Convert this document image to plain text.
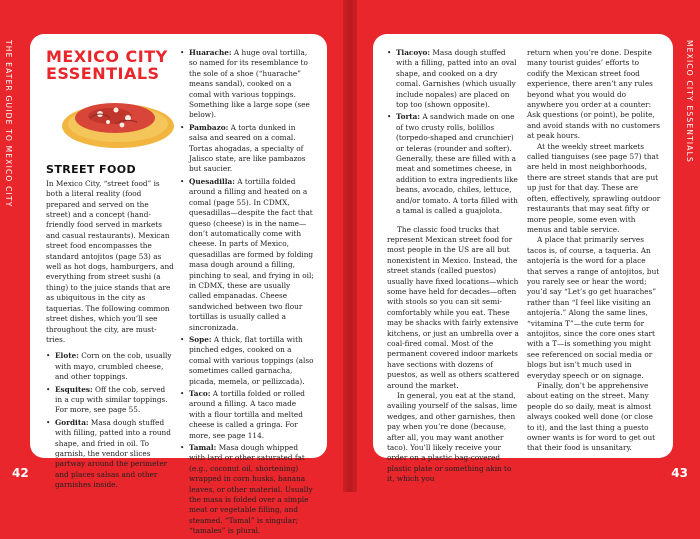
THE EATER GUIDE TO MEXICO CITY MEXICO CITY
ESSENTIALS
STREET FOOD

In Mexico City, “street food” is both a literal reality (food prepared and served on the street) and a concept (hand-friendly food served in markets and casual restaurants). Mexican street food encompasses the standard antojitos (page 53) as well as hot dogs, hamburgers, and everything from street sushi (a thing) to the juice stands that are as ubiquitous in the city as taquerias. The following common street dishes, which you’ll see throughout the city, are must-tries.

• Elote: Corn on the cob, usually with mayo, crumbled cheese, and other toppings.
• Esquites: Off the cob, served in a cup with similar toppings. For more, see page 55.
• Gordita: Masa dough stuffed with filling, patted into a round shape, and fried in oil. To garnish, the vendor slices partway around the perimeter and places salsas and other garnishes inside.
• Huarache: A huge oval tortilla, so named for its resemblance to the sole of a shoe (“huarache” means sandal), cooked on a comal with various toppings. Something like a large sope (see below).
• Pambazo: A torta dunked in salsa and seared on a comal. Tortas ahogadas, a specialty of Jalisco state, are like pambazos but saucier.
• Quesadilla: A tortilla folded around a filling and heated on a comal (page 55). In CDMX, quesadillas—despite the fact that queso (cheese) is in the name—don’t automatically come with cheese. In parts of Mexico, quesadillas are formed by folding masa dough around a filling, pinching to seal, and frying in oil; in CDMX, these are usually called empanadas. Cheese sandwiched between two flour tortillas is usually called a sincronizada.
• Sope: A thick, flat tortilla with pinched edges, cooked on a comal with various toppings (also sometimes called garnacha, picada, memela, or pellizcada).
• Taco: A tortilla folded or rolled around a filling. A taco made with a flour tortilla and melted cheese is called a gringa. For more, see page 114.
• Tamal: Masa dough whipped with lard or other saturated fat (e.g., coconut oil, shortening) wrapped in corn husks, banana leaves, or other material. Usually the masa is folded over a simple meat or vegetable filling, and steamed. “Tamal” is singular; “tamales” is plural.
42
• Tlacoyo: Masa dough stuffed with a filling, patted into an oval shape, and cooked on a dry comal. Garnishes (which usually include nopales) are placed on top too (shown opposite).
• Torta: A sandwich made on one of two crusty rolls, bolillos (torpedo-shaped and crunchier) or teleras (rounder and softer). Generally, these are filled with a meat and sometimes cheese, in addition to extra ingredients like beans, avocado, chiles, lettuce, and/or tomato. A torta filled with a tamal is called a guajolota.

The classic food trucks that represent Mexican street food for most people in the US are all but nonexistent in Mexico. Instead, the street stands (called puestos) usually have fixed locations—which some have held for decades—often with stools so you can sit semi-comfortably while you eat. These may be shacks with fairly extensive kitchens, or just an umbrella over a coal-fired comal. Most of the permanent covered indoor markets have sections with dozens of puestos, as well as others scattered around the market.

In general, you eat at the stand, availing yourself of the salsas, lime wedges, and other garnishes, then pay when you’re done (because, after all, you may want another taco). You’ll likely receive your order on a plastic bag-covered plastic plate or something akin to it, which you

return when you’re done. Despite many tourist guides’ efforts to codify the Mexican street food experience, there aren’t any rules beyond what you would do anywhere you order at a counter: Ask questions (or point), be polite, and avoid stands with no customers at peak hours.

At the weekly street markets called tianguises (see page 57) that are held in most neighborhoods, there are street stands that are put up just for that day. These are often, effectively, sprawling outdoor restaurants that may seat fifty or more people, some even with menus and table service.

A place that primarily serves tacos is, of course, a taqueria. An antojería is the word for a place that serves a range of antojitos, but you rarely see or hear the word; you’d say “Let’s go get huaraches” rather than “I feel like visiting an antojería.” Along the same lines, “vitamina T”—the cute term for antojitos, since the core ones start with a T—is something you might see referenced on social media or blogs but isn’t much used in everyday speech or on signage.

Finally, don’t be apprehensive about eating on the street. Many people do so daily, meat is almost always cooked well done (or close to it), and the last thing a puesto owner wants is for word to get out that their food is unsanitary.

MEXICO CITY ESSENTIALS
43
